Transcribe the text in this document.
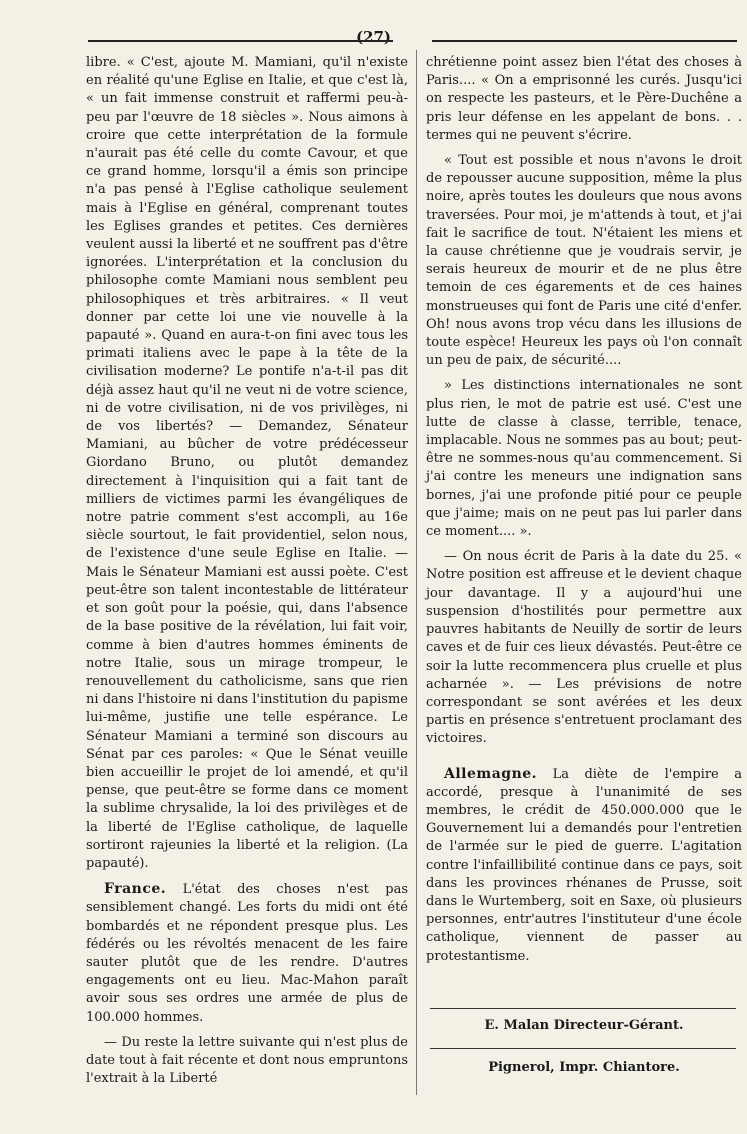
(27)

libre. « C'est, ajoute M. Mamiani, qu'il n'existe en réalité qu'une Eglise en Italie, et que c'est là, « un fait immense construit et raffermi peu-à-peu par l'œuvre de 18 siècles ». Nous aimons à croire que cette interprétation de la formule n'aurait pas été celle du comte Cavour, et que ce grand homme, lorsqu'il a émis son principe n'a pas pensé à l'Eglise catholique seulement mais à l'Eglise en général, comprenant toutes les Eglises grandes et petites. Ces dernières veulent aussi la liberté et ne souffrent pas d'être ignorées. L'interprétation et la conclusion du philosophe comte Mamiani nous semblent peu philosophiques et très arbitraires. « Il veut donner par cette loi une vie nouvelle à la papauté ». Quand en aura-t-on fini avec tous les primati italiens avec le pape à la tête de la civilisation moderne? Le pontife n'a-t-il pas dit déjà assez haut qu'il ne veut ni de votre science, ni de votre civilisation, ni de vos privilèges, ni de vos libertés? — Demandez, Sénateur Mamiani, au bûcher de votre prédécesseur Giordano Bruno, ou plutôt demandez directement à l'inquisition qui a fait tant de milliers de victimes parmi les évangéliques de notre patrie comment s'est accompli, au 16e siècle sourtout, le fait providentiel, selon nous, de l'existence d'une seule Eglise en Italie. — Mais le Sénateur Mamiani est aussi poète. C'est peut-être son talent incontestable de littérateur et son goût pour la poésie, qui, dans l'absence de la base positive de la révélation, lui fait voir, comme à bien d'autres hommes éminents de notre Italie, sous un mirage trompeur, le renouvellement du catholicisme, sans que rien ni dans l'histoire ni dans l'institution du papisme lui-même, justifie une telle espérance. Le Sénateur Mamiani a terminé son discours au Sénat par ces paroles: « Que le Sénat veuille bien accueillir le projet de loi amendé, et qu'il pense, que peut-être se forme dans ce moment la sublime chrysalide, la loi des privilèges et de la liberté de l'Eglise catholique, de laquelle sortiront rajeunies la liberté et la religion. (La papauté).

France. L'état des choses n'est pas sensiblement changé. Les forts du midi ont été bombardés et ne répondent presque plus. Les fédérés ou les révoltés menacent de les faire sauter plutôt que de les rendre. D'autres engagements ont eu lieu. Mac-Mahon paraît avoir sous ses ordres une armée de plus de 100.000 hommes.

— Du reste la lettre suivante qui n'est plus de date tout à fait récente et dont nous empruntons l'extrait à la Liberté

chrétienne point assez bien l'état des choses à Paris.... « On a emprisonné les curés. Jusqu'ici on respecte les pasteurs, et le Père-Duchêne a pris leur défense en les appelant de bons. . . termes qui ne peuvent s'écrire.

« Tout est possible et nous n'avons le droit de repousser aucune supposition, même la plus noire, après toutes les douleurs que nous avons traversées. Pour moi, je m'attends à tout, et j'ai fait le sacrifice de tout. N'étaient les miens et la cause chrétienne que je voudrais servir, je serais heureux de mourir et de ne plus être temoin de ces égarements et de ces haines monstrueuses qui font de Paris une cité d'enfer. Oh! nous avons trop vécu dans les illusions de toute espèce! Heureux les pays où l'on connaît un peu de paix, de sécurité....

» Les distinctions internationales ne sont plus rien, le mot de patrie est usé. C'est une lutte de classe à classe, terrible, tenace, implacable. Nous ne sommes pas au bout; peut-être ne sommes-nous qu'au commencement. Si j'ai contre les meneurs une indignation sans bornes, j'ai une profonde pitié pour ce peuple que j'aime; mais on ne peut pas lui parler dans ce moment.... ».

— On nous écrit de Paris à la date du 25. « Notre position est affreuse et le devient chaque jour davantage. Il y a aujourd'hui une suspension d'hostilités pour permettre aux pauvres habitants de Neuilly de sortir de leurs caves et de fuir ces lieux dévastés. Peut-être ce soir la lutte recommencera plus cruelle et plus acharnée ». — Les prévisions de notre correspondant se sont avérées et les deux partis en présence s'entretuent proclamant des victoires.

Allemagne. La diète de l'empire a accordé, presque à l'unanimité de ses membres, le crédit de 450.000.000 que le Gouvernement lui a demandés pour l'entretien de l'armée sur le pied de guerre. L'agitation contre l'infaillibilité continue dans ce pays, soit dans les provinces rhénanes de Prusse, soit dans le Wurtemberg, soit en Saxe, où plusieurs personnes, entr'autres l'instituteur d'une école catholique, viennent de passer au protestantisme.

E. Malan Directeur-Gérant.
Pignerol, Impr. Chiantore.
